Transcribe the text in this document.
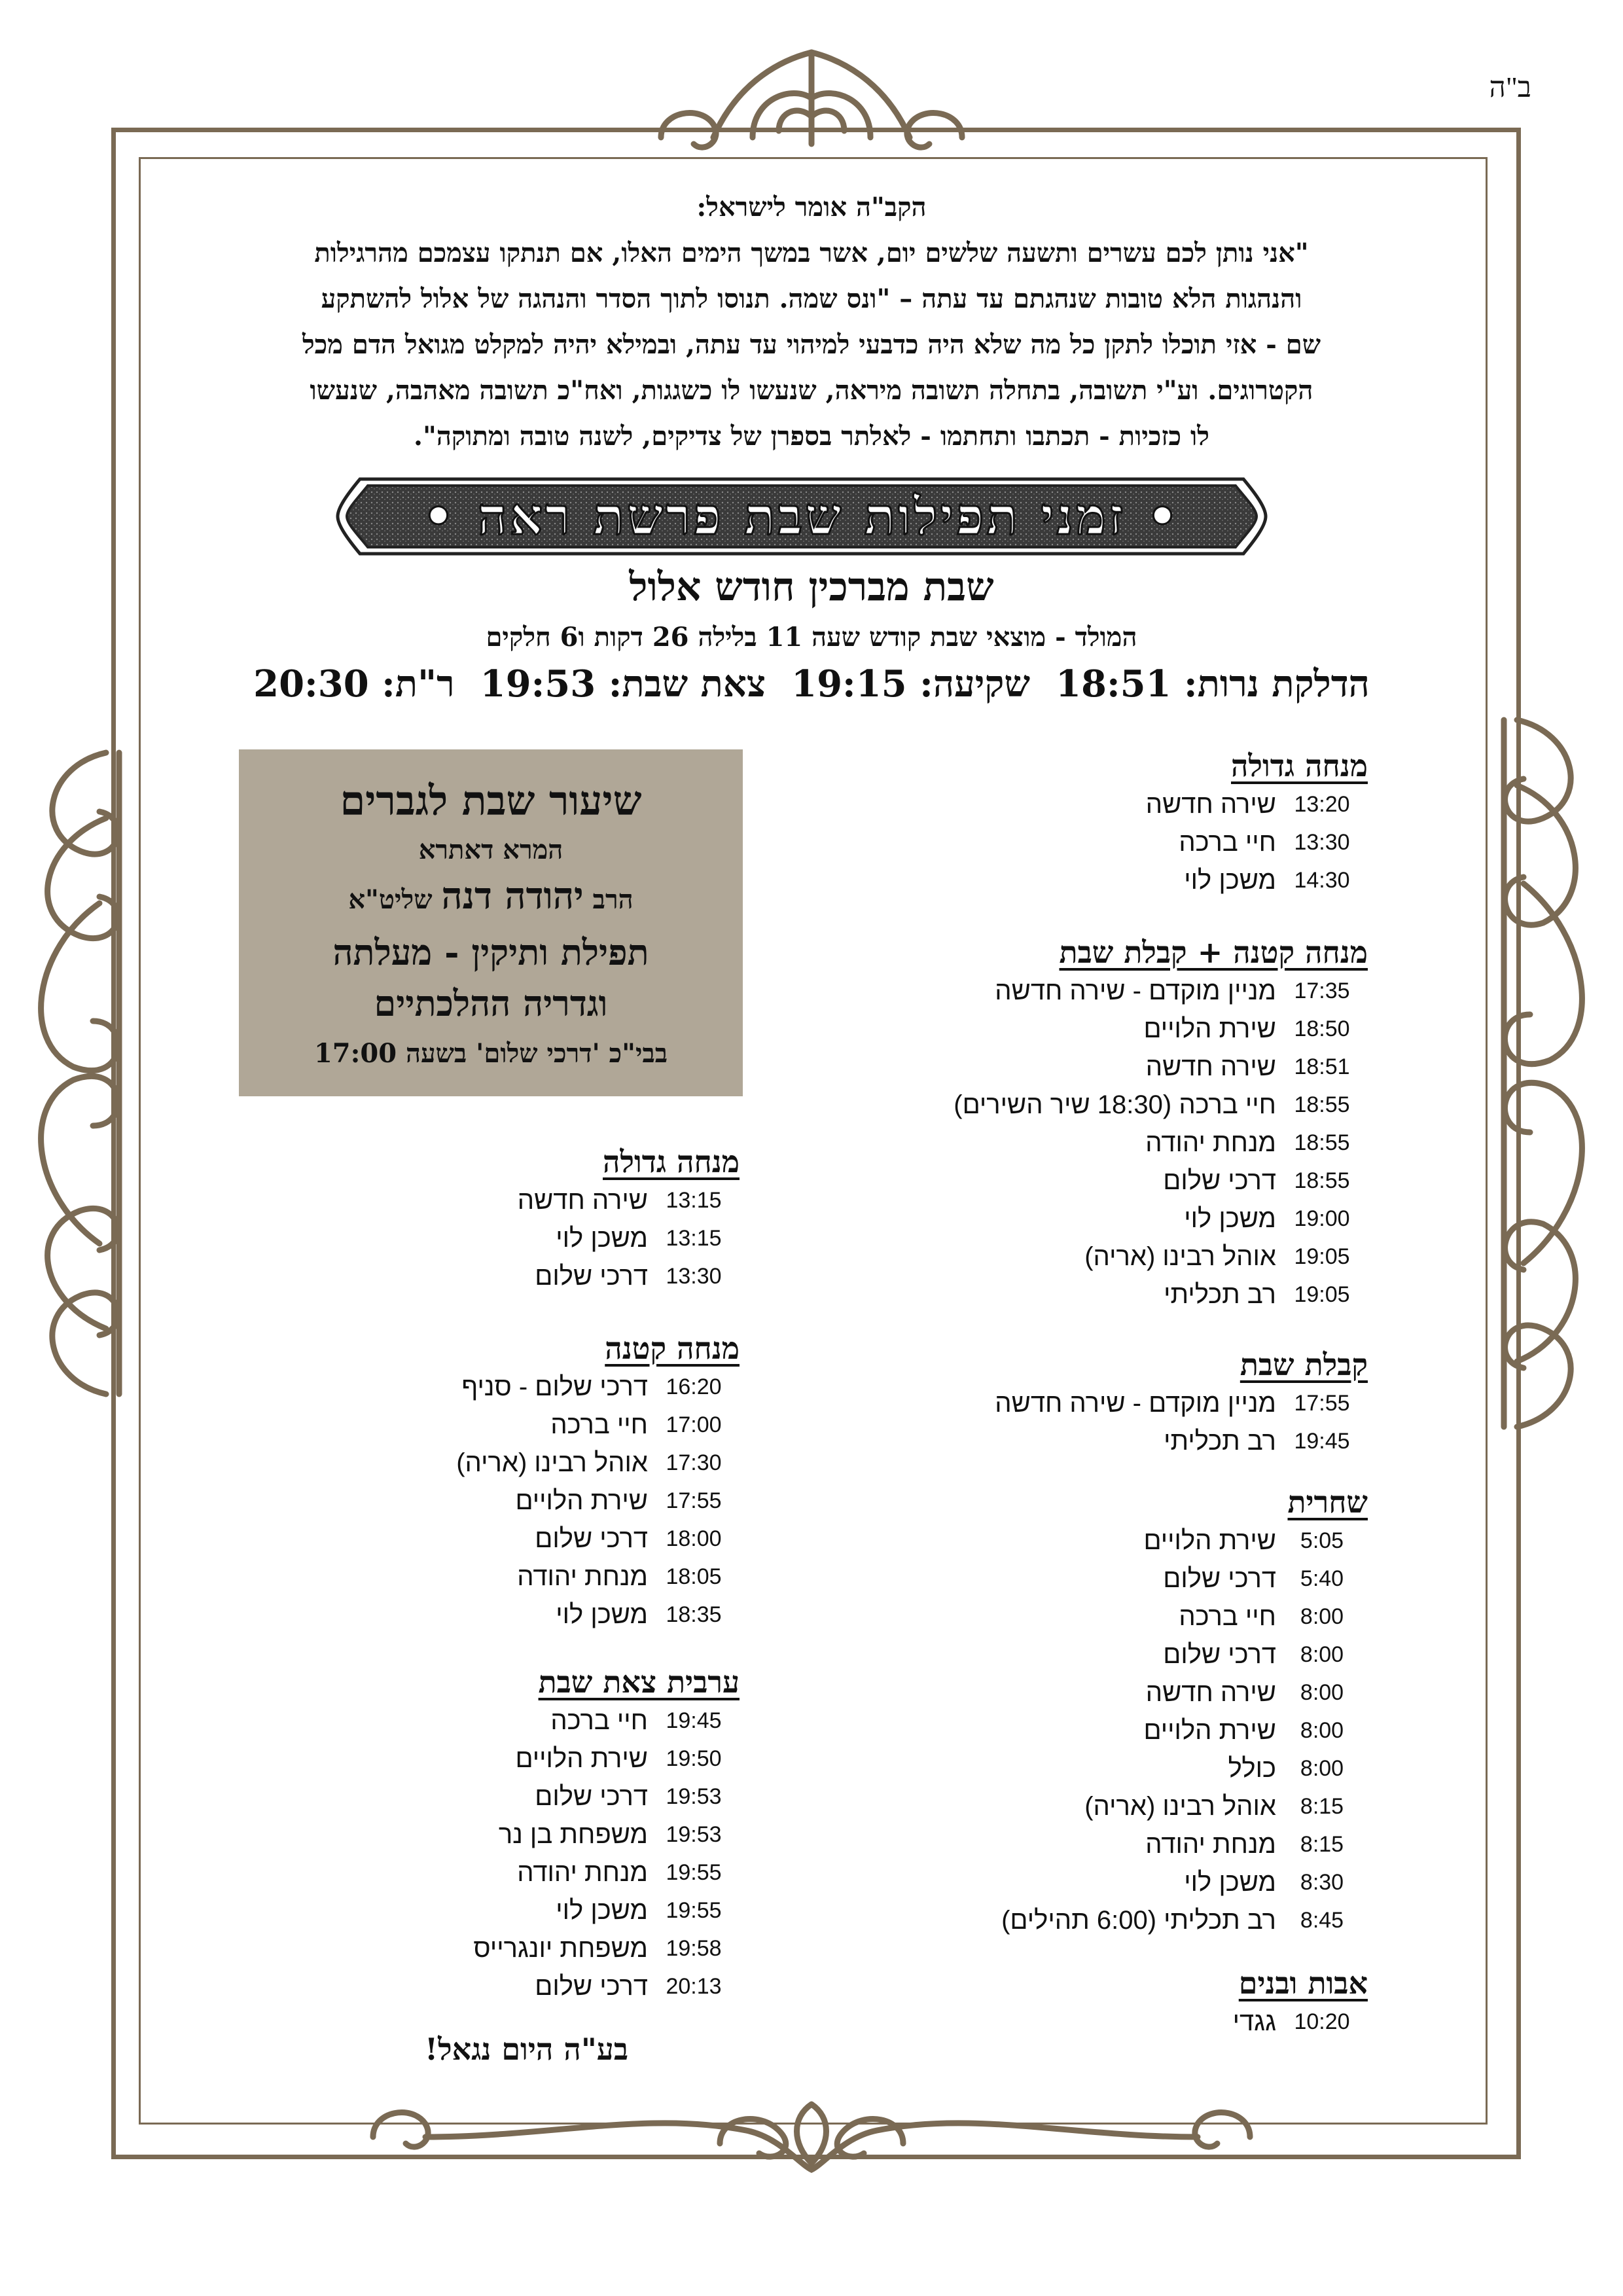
ב"ה

הקב"ה אומר לישראל:

"אני נותן לכם עשרים ותשעה שלשים יום, אשר במשך הימים האלו, אם תנתקו עצמכם מהרגילות

והנהגות הלא טובות שנהגתם עד עתה – "ונס שמה. תנוסו לתוך הסדר והנהגה של אלול להשתקע

שם - אזי תוכלו לתקן כל מה שלא היה כדבעי למיהוי עד עתה, ובמילא יהיה למקלט מגואל הדם מכל

הקטרוגים. וע"י תשובה, בתחלה תשובה מיראה, שנעשו לו כשגגות, ואח"כ תשובה מאהבה, שנעשו

לו כזכיות - תכתבו ותחתמו - לאלתר בספרן של צדיקים, לשנה טובה ומתוקה".

• זמני תפילות שבת פרשת ראה •
שבת מברכין חודש אלול
המולד - מוצאי שבת קודש שעה 11 בלילה 26 דקות ו6 חלקים
הדלקת נרות: 18:51  שקיעה: 19:15  צאת שבת: 19:53  ר"ת: 20:30
שיעור שבת לגברים
המרא דאתרא
הרב יהודה דנה שליט"א
תפילת ותיקין - מעלתה
וגדריה ההלכתיים
בבי"כ 'דרכי שלום' בשעה 17:00
מנחה גדולה
13:20
שירה חדשה
13:30
חיי ברכה
14:30
משכן לוי
מנחה קטנה + קבלת שבת
17:35
מניין מוקדם - שירה חדשה
18:50
שירת הלויים
18:51
שירה חדשה
18:55
חיי ברכה (18:30 שיר השירים)
18:55
מנחת יהודה
18:55
דרכי שלום
19:00
משכן לוי
19:05
אוהל רבינו (אריה)
19:05
רב תכליתי
קבלת שבת
17:55
מניין מוקדם - שירה חדשה
19:45
רב תכליתי
שחרית
5:05
שירת הלויים
5:40
דרכי שלום
8:00
חיי ברכה
8:00
דרכי שלום
8:00
שירה חדשה
8:00
שירת הלויים
8:00
כולל
8:15
אוהל רבינו (אריה)
8:15
מנחת יהודה
8:30
משכן לוי
8:45
רב תכליתי (6:00 תהילים)
אבות ובנים
10:20
גגדי
מנחה גדולה
13:15
שירה חדשה
13:15
משכן לוי
13:30
דרכי שלום
מנחה קטנה
16:20
דרכי שלום - סניף
17:00
חיי ברכה
17:30
אוהל רבינו (אריה)
17:55
שירת הלויים
18:00
דרכי שלום
18:05
מנחת יהודה
18:35
משכן לוי
ערבית צאת שבת
19:45
חיי ברכה
19:50
שירת הלויים
19:53
דרכי שלום
19:53
משפחת בן נר
19:55
מנחת יהודה
19:55
משכן לוי
19:58
משפחת יונגרייס
20:13
דרכי שלום
בע"ה היום נגאל!
